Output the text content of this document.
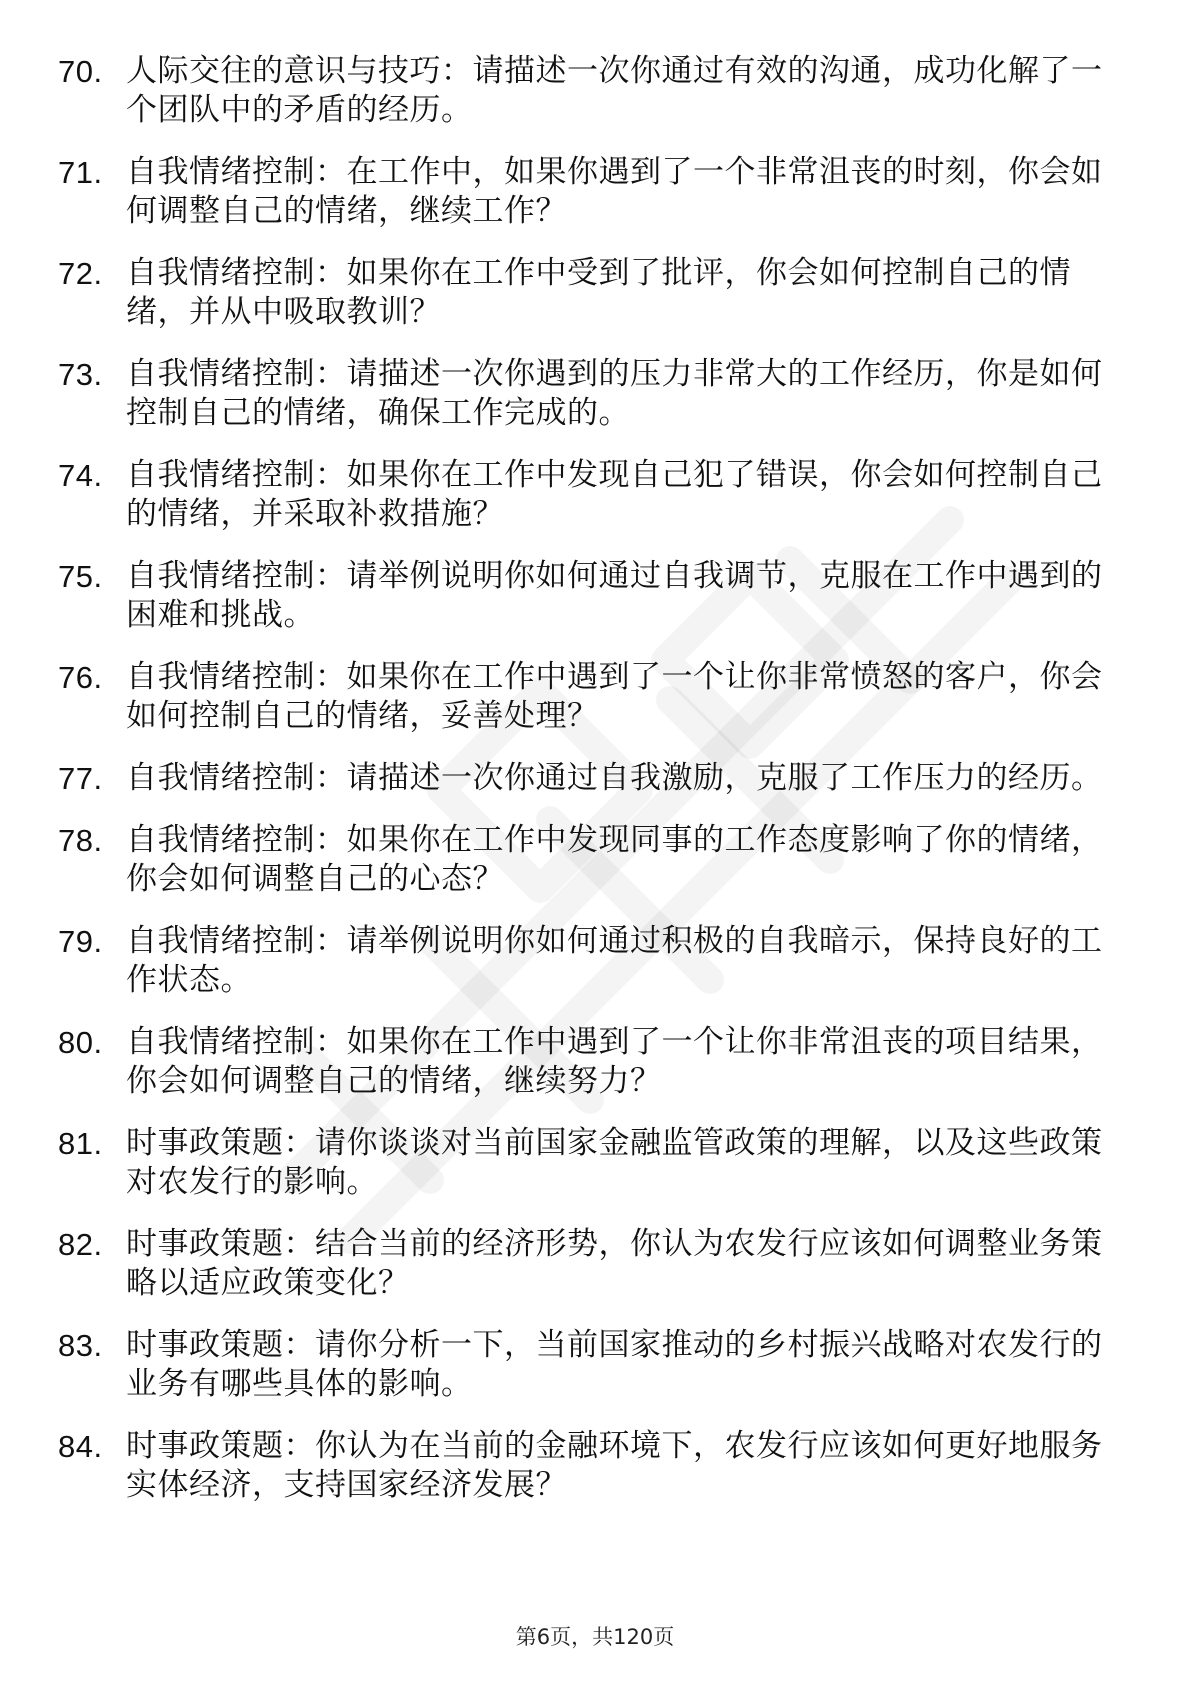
70. 人际交往的意识与技巧：请描述一次你通过有效的沟通，成功化解了一个团队中的矛盾的经历。
71. 自我情绪控制：在工作中，如果你遇到了一个非常沮丧的时刻，你会如何调整自己的情绪，继续工作？
72. 自我情绪控制：如果你在工作中受到了批评，你会如何控制自己的情绪，并从中吸取教训？
73. 自我情绪控制：请描述一次你遇到的压力非常大的工作经历，你是如何控制自己的情绪，确保工作完成的。
74. 自我情绪控制：如果你在工作中发现自己犯了错误，你会如何控制自己的情绪，并采取补救措施？
75. 自我情绪控制：请举例说明你如何通过自我调节，克服在工作中遇到的困难和挑战。
76. 自我情绪控制：如果你在工作中遇到了一个让你非常愤怒的客户，你会如何控制自己的情绪，妥善处理？
77. 自我情绪控制：请描述一次你通过自我激励，克服了工作压力的经历。
78. 自我情绪控制：如果你在工作中发现同事的工作态度影响了你的情绪，你会如何调整自己的心态？
79. 自我情绪控制：请举例说明你如何通过积极的自我暗示，保持良好的工作状态。
80. 自我情绪控制：如果你在工作中遇到了一个让你非常沮丧的项目结果，你会如何调整自己的情绪，继续努力？
81. 时事政策题：请你谈谈对当前国家金融监管政策的理解，以及这些政策对农发行的影响。
82. 时事政策题：结合当前的经济形势，你认为农发行应该如何调整业务策略以适应政策变化？
83. 时事政策题：请你分析一下，当前国家推动的乡村振兴战略对农发行的业务有哪些具体的影响。
84. 时事政策题：你认为在当前的金融环境下，农发行应该如何更好地服务实体经济，支持国家经济发展？
第6页，共120页
